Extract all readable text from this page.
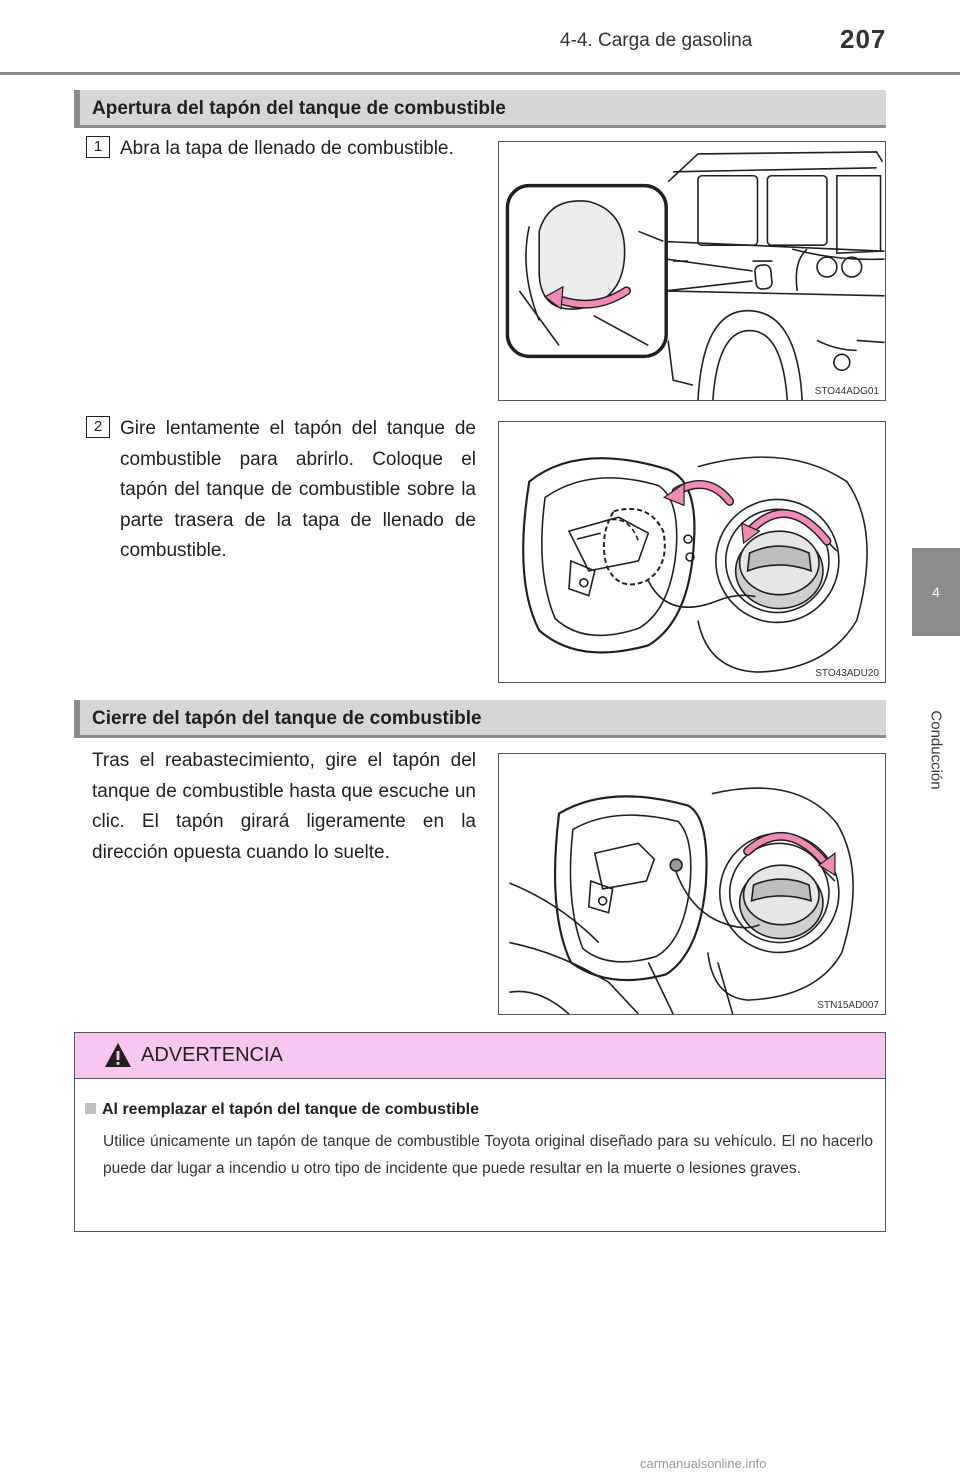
4-4. Carga de gasolina	207
4
Conducción
Apertura del tapón del tanque de combustible
1 Abra la tapa de llenado de combustible.
STO44ADG01
2 Gire lentamente el tapón del tanque de combustible para abrirlo. Coloque el tapón del tanque de combustible sobre la parte trasera de la tapa de llenado de combustible.
STO43ADU20
Cierre del tapón del tanque de combustible
Tras el reabastecimiento, gire el tapón del tanque de combustible hasta que escuche un clic. El tapón girará ligeramente en la dirección opuesta cuando lo suelte.
STN15AD007
ADVERTENCIA
Al reemplazar el tapón del tanque de combustible
Utilice únicamente un tapón de tanque de combustible Toyota original diseñado para su vehículo. El no hacerlo puede dar lugar a incendio u otro tipo de incidente que puede resultar en la muerte o lesiones graves.
carmanualsonline.info
